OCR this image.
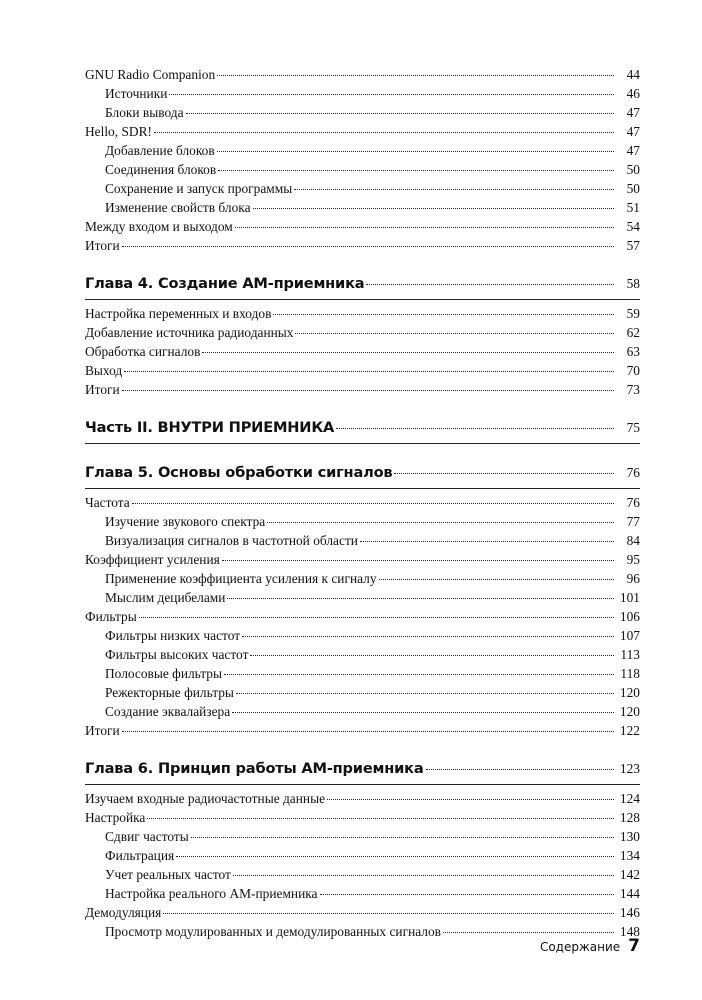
GNU Radio Companion	44
Источники	46
Блоки вывода	47
Hello, SDR!	47
Добавление блоков	47
Соединения блоков	50
Сохранение и запуск программы	50
Изменение свойств блока	51
Между входом и выходом	54
Итоги	57
Глава 4. Создание AM-приемника	58
Настройка переменных и входов	59
Добавление источника радиоданных	62
Обработка сигналов	63
Выход	70
Итоги	73
Часть II. ВНУТРИ ПРИЕМНИКА	75
Глава 5. Основы обработки сигналов	76
Частота	76
Изучение звукового спектра	77
Визуализация сигналов в частотной области	84
Коэффициент усиления	95
Применение коэффициента усиления к сигналу	96
Мыслим децибелами	101
Фильтры	106
Фильтры низких частот	107
Фильтры высоких частот	113
Полосовые фильтры	118
Режекторные фильтры	120
Создание эквалайзера	120
Итоги	122
Глава 6. Принцип работы AM-приемника	123
Изучаем входные радиочастотные данные	124
Настройка	128
Сдвиг частоты	130
Фильтрация	134
Учет реальных частот	142
Настройка реального AM-приемника	144
Демодуляция	146
Просмотр модулированных и демодулированных сигналов	148
Содержание 7
